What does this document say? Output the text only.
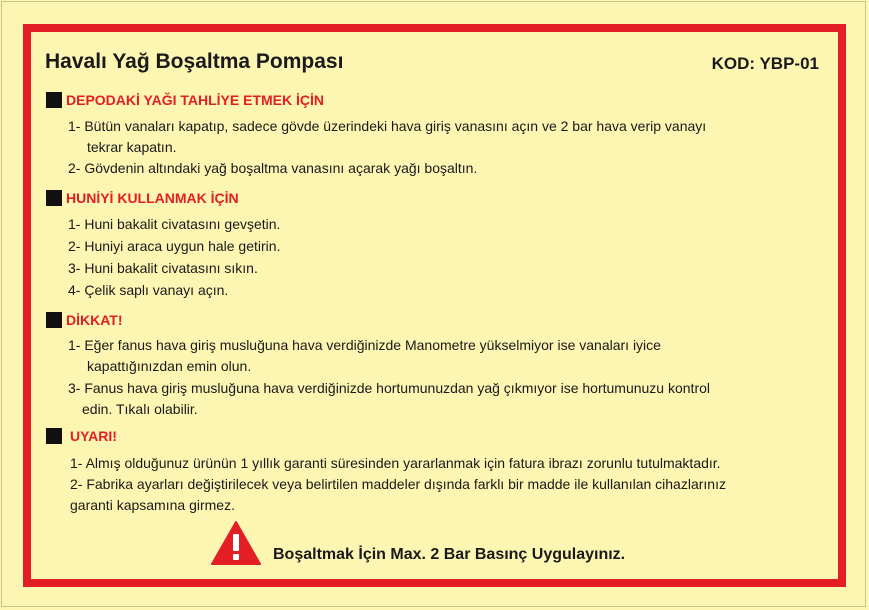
Havalı Yağ Boşaltma Pompası	KOD: YBP-01
DEPODAKİ YAĞI TAHLİYE ETMEK İÇİN
1- Bütün vanaları kapatıp, sadece gövde üzerindeki hava giriş vanasını açın ve 2 bar hava verip vanayı
tekrar kapatın.
2- Gövdenin altındaki yağ boşaltma vanasını açarak yağı boşaltın.
HUNİYİ KULLANMAK İÇİN
1- Huni bakalit civatasını gevşetin.
2- Huniyi araca uygun hale getirin.
3- Huni bakalit civatasını sıkın.
4- Çelik saplı vanayı açın.
DİKKAT!
1- Eğer fanus hava giriş musluğuna hava verdiğinizde Manometre yükselmiyor ise vanaları iyice
kapattığınızdan emin olun.
3- Fanus hava giriş musluğuna hava verdiğinizde hortumunuzdan yağ çıkmıyor ise hortumunuzu kontrol
edin. Tıkalı olabilir.
UYARI!
1- Almış olduğunuz ürünün 1 yıllık garanti süresinden yararlanmak için fatura ibrazı zorunlu tutulmaktadır.
2- Fabrika ayarları değiştirilecek veya belirtilen maddeler dışında farklı bir madde ile kullanılan cihazlarınız
garanti kapsamına girmez.
Boşaltmak İçin Max. 2 Bar Basınç Uygulayınız.
